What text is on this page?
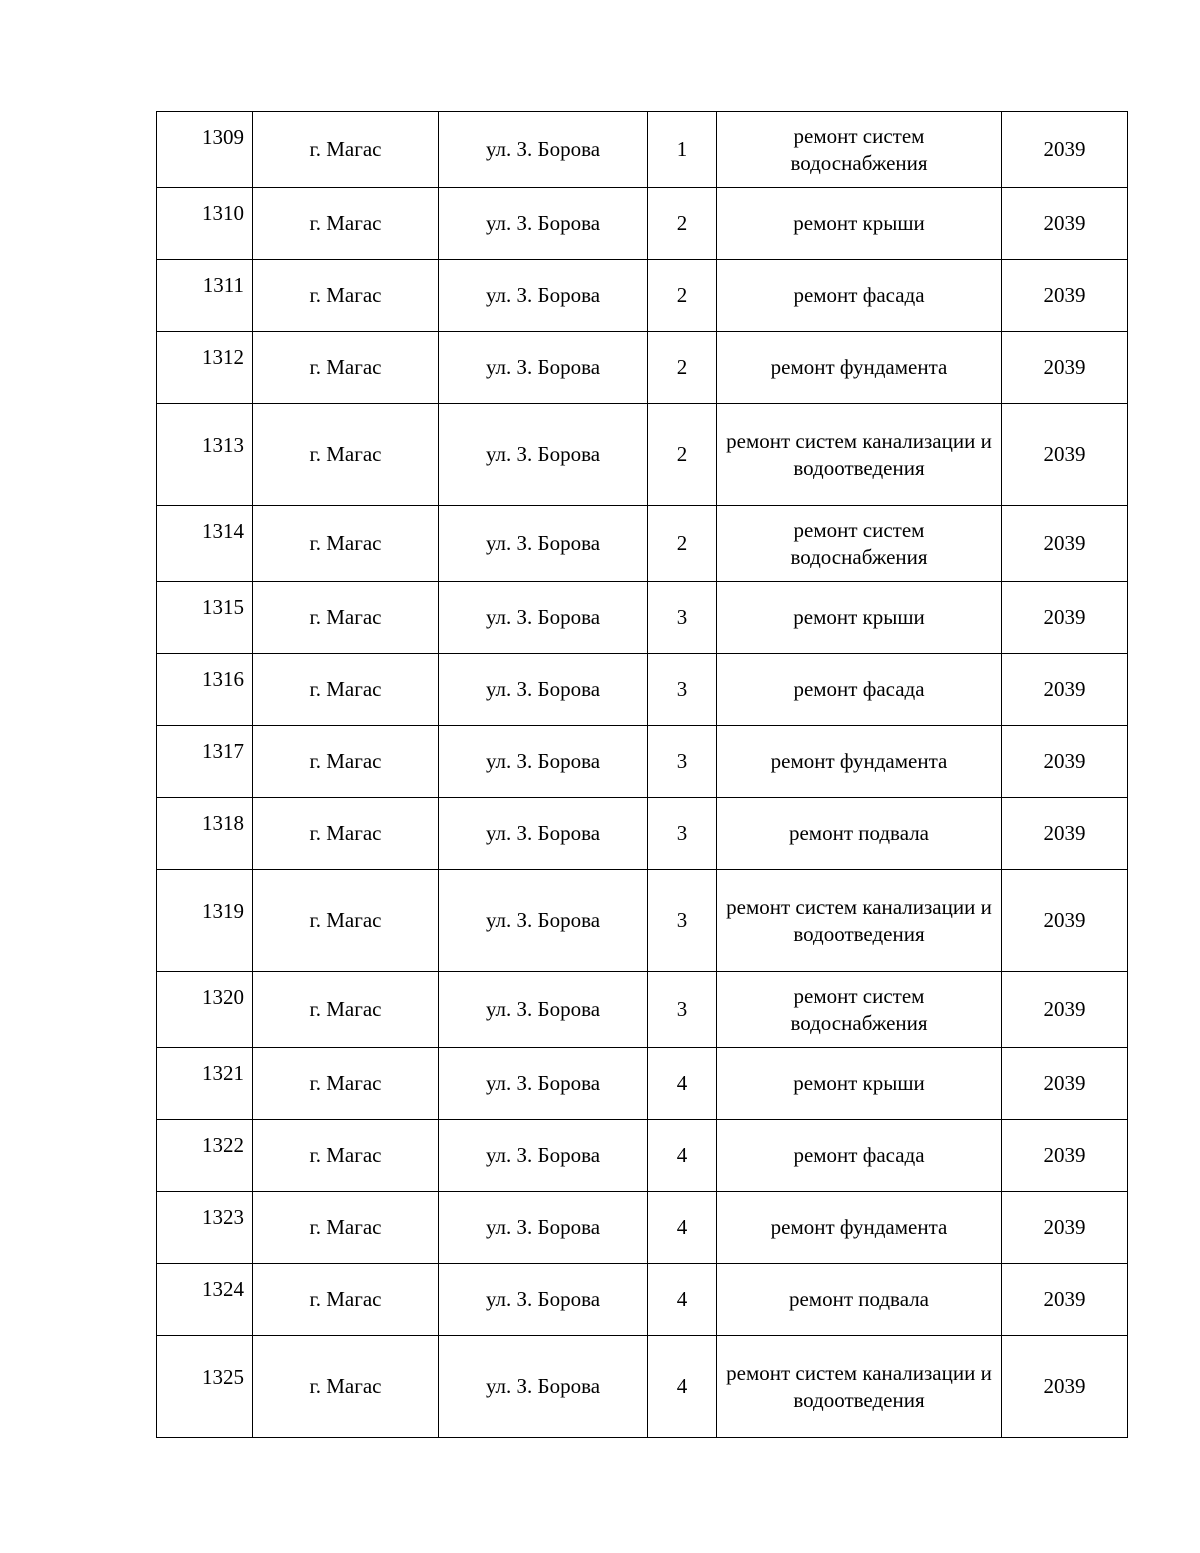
1309	г. Магас	ул. З. Борова	1	ремонт систем водоснабжения	2039
1310	г. Магас	ул. З. Борова	2	ремонт крыши	2039
1311	г. Магас	ул. З. Борова	2	ремонт фасада	2039
1312	г. Магас	ул. З. Борова	2	ремонт фундамента	2039
1313	г. Магас	ул. З. Борова	2	ремонт систем канализации и водоотведения	2039
1314	г. Магас	ул. З. Борова	2	ремонт систем водоснабжения	2039
1315	г. Магас	ул. З. Борова	3	ремонт крыши	2039
1316	г. Магас	ул. З. Борова	3	ремонт фасада	2039
1317	г. Магас	ул. З. Борова	3	ремонт фундамента	2039
1318	г. Магас	ул. З. Борова	3	ремонт подвала	2039
1319	г. Магас	ул. З. Борова	3	ремонт систем канализации и водоотведения	2039
1320	г. Магас	ул. З. Борова	3	ремонт систем водоснабжения	2039
1321	г. Магас	ул. З. Борова	4	ремонт крыши	2039
1322	г. Магас	ул. З. Борова	4	ремонт фасада	2039
1323	г. Магас	ул. З. Борова	4	ремонт фундамента	2039
1324	г. Магас	ул. З. Борова	4	ремонт подвала	2039
1325	г. Магас	ул. З. Борова	4	ремонт систем канализации и водоотведения	2039
